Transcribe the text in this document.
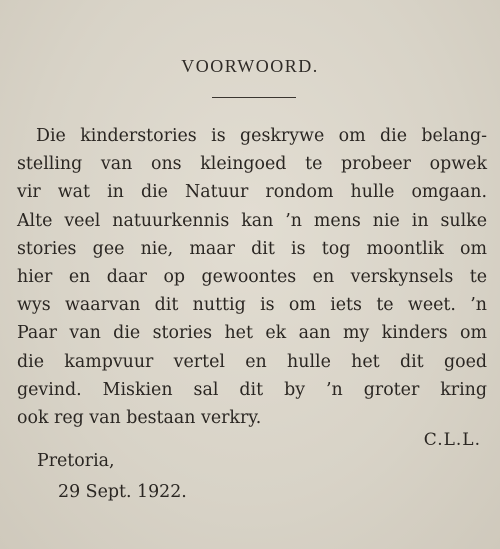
VOORWOORD.
Die kinderstories is geskrywe om die belang-
stelling van ons kleingoed te probeer opwek
vir wat in die Natuur rondom hulle omgaan.
Alte veel natuurkennis kan ’n mens nie in sulke
stories gee nie, maar dit is tog moontlik om
hier en daar op gewoontes en verskynsels te
wys waarvan dit nuttig is om iets te weet. ’n
Paar van die stories het ek aan my kinders om
die kampvuur vertel en hulle het dit goed
gevind. Miskien sal dit by ’n groter kring
ook reg van bestaan verkry.
C.L.L.
Pretoria,
29 Sept. 1922.
